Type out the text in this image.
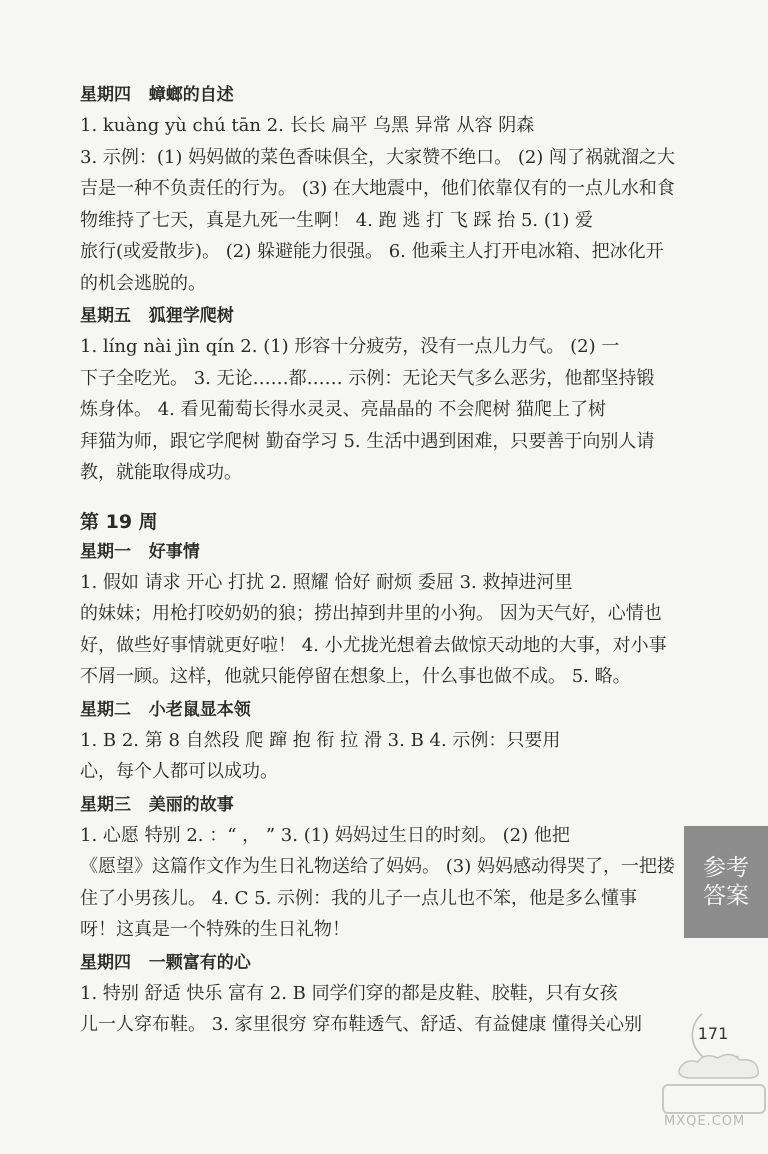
星期四   蟑螂的自述

1. kuàng yù chú tān 2. 长长 扁平 乌黑 异常 从容 阴森

3. 示例：(1) 妈妈做的菜色香味俱全，大家赞不绝口。 (2) 闯了祸就溜之大

吉是一种不负责任的行为。 (3) 在大地震中，他们依靠仅有的一点儿水和食

物维持了七天，真是九死一生啊！ 4. 跑 逃 打 飞 踩 抬 5. (1) 爱

旅行(或爱散步)。 (2) 躲避能力很强。 6. 他乘主人打开电冰箱、把冰化开

的机会逃脱的。

星期五   狐狸学爬树

1. líng nài jìn qín 2. (1) 形容十分疲劳，没有一点儿力气。 (2) 一

下子全吃光。 3. 无论……都…… 示例：无论天气多么恶劣，他都坚持锻

炼身体。 4. 看见葡萄长得水灵灵、亮晶晶的 不会爬树 猫爬上了树

拜猫为师，跟它学爬树 勤奋学习 5. 生活中遇到困难，只要善于向别人请

教，就能取得成功。

第 19 周

星期一   好事情

1. 假如 请求 开心 打扰 2. 照耀 恰好 耐烦 委屈 3. 救掉进河里

的妹妹；用枪打咬奶奶的狼；捞出掉到井里的小狗。 因为天气好，心情也

好，做些好事情就更好啦！ 4. 小尤拢光想着去做惊天动地的大事，对小事

不屑一顾。这样，他就只能停留在想象上，什么事也做不成。 5. 略。

星期二   小老鼠显本领

1. B 2. 第 8 自然段 爬 蹿 抱 衔 拉 滑 3. B 4. 示例：只要用

心，每个人都可以成功。

星期三   美丽的故事

1. 心愿 特别 2. ：“ ， ” 3. (1) 妈妈过生日的时刻。 (2) 他把

《愿望》这篇作文作为生日礼物送给了妈妈。 (3) 妈妈感动得哭了，一把搂

住了小男孩儿。 4. C 5. 示例：我的儿子一点儿也不笨，他是多么懂事

呀！这真是一个特殊的生日礼物！

星期四   一颗富有的心

1. 特别 舒适 快乐 富有 2. B 同学们穿的都是皮鞋、胶鞋，只有女孩

儿一人穿布鞋。 3. 家里很穷 穿布鞋透气、舒适、有益健康 懂得关心别

参考答案
171
MXQE.COM
